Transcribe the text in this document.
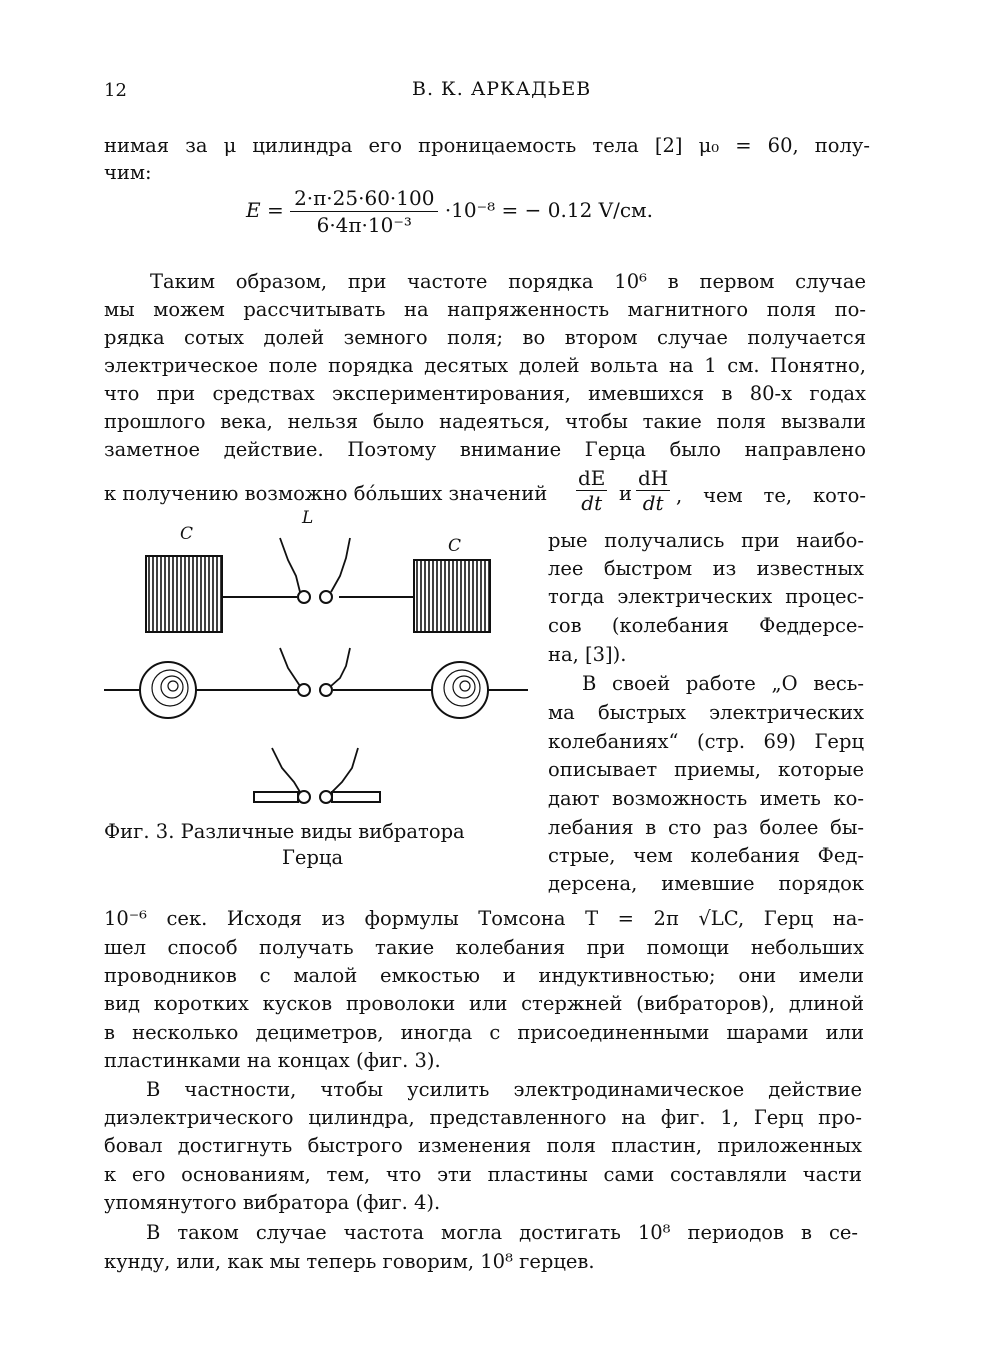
12	В. К. АРКАДЬЕВ
нимая за μ цилиндра его проницаемость тела [2] μ₀ = 60, полу-
чим:
$E = \frac{2\cdot\pi\cdot 25\cdot 60\cdot 100}{\text{6·4π·10⁻³}} \cdot 10^{-8}$ = − 0.12 V/см.
Таким образом, при частоте порядка 10⁶ в первом случае
мы можем рассчитывать на напряженность магнитного поля по-
рядка сотых долей земного поля; во втором случае получается
электрическое поле порядка десятых долей вольта на 1 см. Понятно,
что при средствах экспериментирования, имевшихся в 80-х годах
прошлого века, нельзя было надеяться, чтобы такие поля вызвали
заметное действие. Поэтому внимание Герца было направлено
к получению возможно бо́льших значений $\frac{dE}{dt}$ и $\frac{dH}{dt}$ , чем те, кото-
рые получались при наибо-
лее быстром из известных
тогда электрических процес-
сов (колебания Феддерсе-
на, [3]).
В своей работе „О весь-
ма быстрых электрических
колебаниях“ (стр. 69) Герц
описывает приемы, которые
дают возможность иметь ко-
лебания в сто раз более бы-
стрые, чем колебания Фед-
дерсена, имевшие порядок
C
L
C
Фиг. 3. Различные виды вибратора
Герца
10⁻⁶ сек. Исходя из формулы Томсона T = 2π √LC, Герц на-
шел способ получать такие колебания при помощи небольших
проводников с малой емкостью и индуктивностью; они имели
вид коротких кусков проволоки или стержней (вибраторов), длиной
в несколько дециметров, иногда с присоединенными шарами или
пластинками на концах (фиг. 3).
В частности, чтобы усилить электродинамическое действие
диэлектрического цилиндра, представленного на фиг. 1, Герц про-
бовал достигнуть быстрого изменения поля пластин, приложенных
к его основаниям, тем, что эти пластины сами составляли части
упомянутого вибратора (фиг. 4).
В таком случае частота могла достигать 10⁸ периодов в се-
кунду, или, как мы теперь говорим, 10⁸ герцев.
